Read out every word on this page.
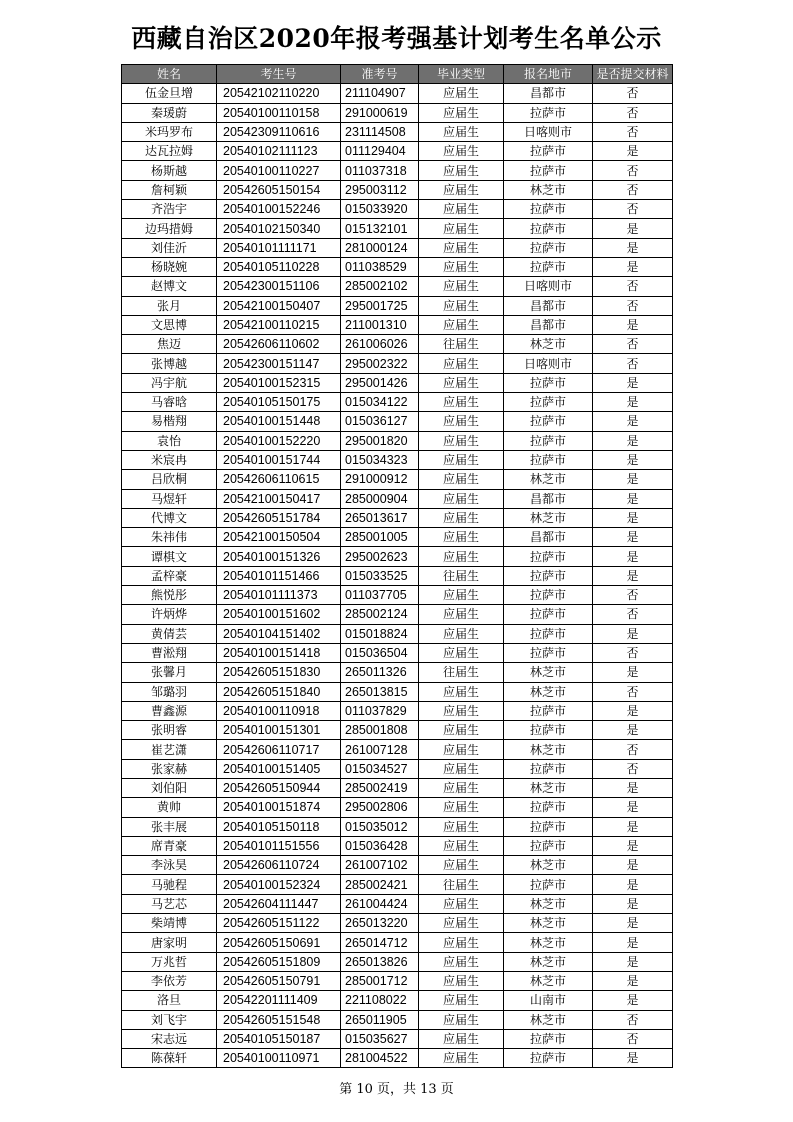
西藏自治区2020年报考强基计划考生名单公示
姓名	考生号	准考号	毕业类型	报名地市	是否提交材料
伍金旦增	20542102110220	211104907	应届生	昌都市	否
秦瑗蔚	20540100110158	291000619	应届生	拉萨市	否
米玛罗布	20542309110616	231114508	应届生	日喀则市	否
达瓦拉姆	20540102111123	011129404	应届生	拉萨市	是
杨斯越	20540100110227	011037318	应届生	拉萨市	否
詹柯颖	20542605150154	295003112	应届生	林芝市	否
齐浩宇	20540100152246	015033920	应届生	拉萨市	否
边玛措姆	20540102150340	015132101	应届生	拉萨市	是
刘佳沂	20540101111171	281000124	应届生	拉萨市	是
杨晓婉	20540105110228	011038529	应届生	拉萨市	是
赵博文	20542300151106	285002102	应届生	日喀则市	否
张月	20542100150407	295001725	应届生	昌都市	否
文思博	20542100110215	211001310	应届生	昌都市	是
焦迈	20542606110602	261006026	往届生	林芝市	否
张博越	20542300151147	295002322	应届生	日喀则市	否
冯宇航	20540100152315	295001426	应届生	拉萨市	是
马睿晗	20540105150175	015034122	应届生	拉萨市	是
易楷翔	20540100151448	015036127	应届生	拉萨市	是
袁怡	20540100152220	295001820	应届生	拉萨市	是
米宸冉	20540100151744	015034323	应届生	拉萨市	是
吕欣桐	20542606110615	291000912	应届生	林芝市	是
马煜轩	20542100150417	285000904	应届生	昌都市	是
代博文	20542605151784	265013617	应届生	林芝市	是
朱祎伟	20542100150504	285001005	应届生	昌都市	是
谭棋文	20540100151326	295002623	应届生	拉萨市	是
孟梓豪	20540101151466	015033525	往届生	拉萨市	是
熊悦彤	20540101111373	011037705	应届生	拉萨市	否
许炳烨	20540100151602	285002124	应届生	拉萨市	否
黄倩芸	20540104151402	015018824	应届生	拉萨市	是
曹淞翔	20540100151418	015036504	应届生	拉萨市	否
张馨月	20542605151830	265011326	往届生	林芝市	是
邹璐羽	20542605151840	265013815	应届生	林芝市	否
曹鑫源	20540100110918	011037829	应届生	拉萨市	是
张明睿	20540100151301	285001808	应届生	拉萨市	是
崔艺潇	20542606110717	261007128	应届生	林芝市	否
张家赫	20540100151405	015034527	应届生	拉萨市	否
刘伯阳	20542605150944	285002419	应届生	林芝市	是
黄帅	20540100151874	295002806	应届生	拉萨市	是
张丰展	20540105150118	015035012	应届生	拉萨市	是
席青豪	20540101151556	015036428	应届生	拉萨市	是
李泳昊	20542606110724	261007102	应届生	林芝市	是
马驰程	20540100152324	285002421	往届生	拉萨市	是
马艺芯	20542604111447	261004424	应届生	林芝市	是
柴靖博	20542605151122	265013220	应届生	林芝市	是
唐家明	20542605150691	265014712	应届生	林芝市	是
万兆哲	20542605151809	265013826	应届生	林芝市	是
李依芳	20542605150791	285001712	应届生	林芝市	是
洛旦	20542201111409	221108022	应届生	山南市	是
刘飞宇	20542605151548	265011905	应届生	林芝市	否
宋志远	20540105150187	015035627	应届生	拉萨市	否
陈葆轩	20540100110971	281004522	应届生	拉萨市	是
第 10 页，共 13 页
